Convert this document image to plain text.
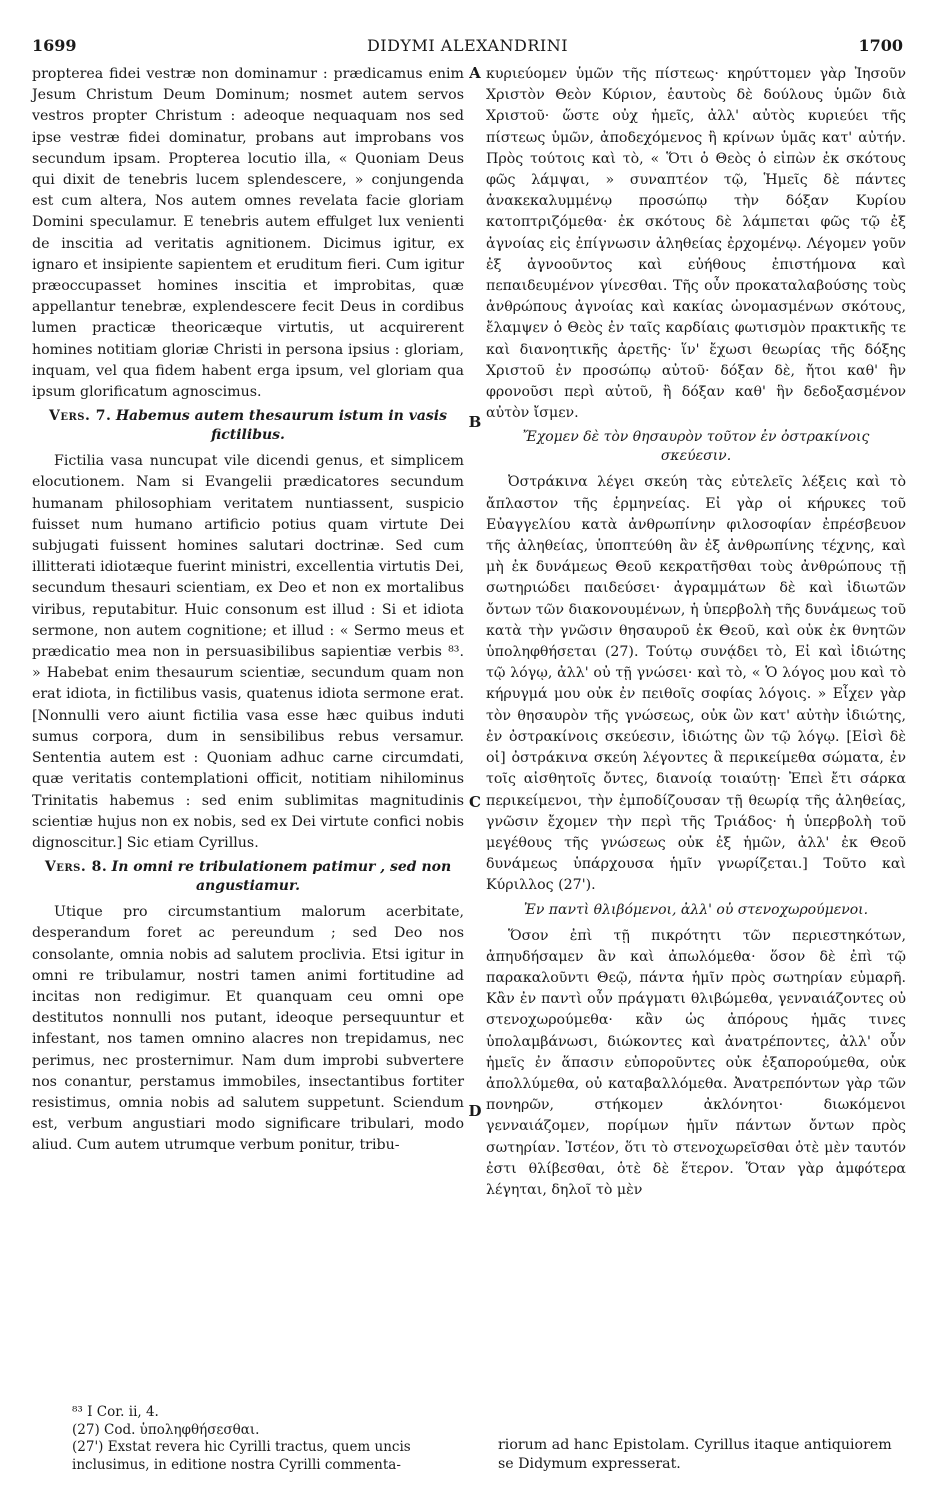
1699	DIDYMI ALEXANDRINI	1700
A
B
C
D

propterea fidei vestræ non dominamur : prædicamus enim Jesum Christum Deum Dominum; nosmet autem servos vestros propter Christum : adeoque nequaquam nos sed ipse vestræ fidei dominatur, probans aut improbans vos secundum ipsam. Propterea locutio illa, « Quoniam Deus qui dixit de tenebris lucem splendescere, » conjungenda est cum altera, Nos autem omnes revelata facie gloriam Domini speculamur. E tenebris autem effulget lux venienti de inscitia ad veritatis agnitionem. Dicimus igitur, ex ignaro et insipiente sapientem et eruditum fieri. Cum igitur præoccupasset homines inscitia et improbitas, quæ appellantur tenebræ, explendescere fecit Deus in cordibus lumen practicæ theoricæque virtutis, ut acquirerent homines notitiam gloriæ Christi in persona ipsius : gloriam, inquam, vel qua fidem habent erga ipsum, vel gloriam qua ipsum glorificatum agnoscimus.

Vers. 7. Habemus autem thesaurum istum in vasis fictilibus.

Fictilia vasa nuncupat vile dicendi genus, et simplicem elocutionem. Nam si Evangelii prædicatores secundum humanam philosophiam veritatem nuntiassent, suspicio fuisset num humano artificio potius quam virtute Dei subjugati fuissent homines salutari doctrinæ. Sed cum illitterati idiotæque fuerint ministri, excellentia virtutis Dei, secundum thesauri scientiam, ex Deo et non ex mortalibus viribus, reputabitur. Huic consonum est illud : Si et idiota sermone, non autem cognitione; et illud : « Sermo meus et prædicatio mea non in persuasibilibus sapientiæ verbis ⁸³. » Habebat enim thesaurum scientiæ, secundum quam non erat idiota, in fictilibus vasis, quatenus idiota sermone erat. [Nonnulli vero aiunt fictilia vasa esse hæc quibus induti sumus corpora, dum in sensibilibus rebus versamur. Sententia autem est : Quoniam adhuc carne circumdati, quæ veritatis contemplationi officit, notitiam nihilominus Trinitatis habemus : sed enim sublimitas magnitudinis scientiæ hujus non ex nobis, sed ex Dei virtute confici nobis dignoscitur.] Sic etiam Cyrillus.

Vers. 8. In omni re tribulationem patimur , sed non angustiamur.

Utique pro circumstantium malorum acerbitate, desperandum foret ac pereundum ; sed Deo nos consolante, omnia nobis ad salutem proclivia. Etsi igitur in omni re tribulamur, nostri tamen animi fortitudine ad incitas non redigimur. Et quanquam ceu omni ope destitutos nonnulli nos putant, ideoque persequuntur et infestant, nos tamen omnino alacres non trepidamus, nec perimus, nec prosternimur. Nam dum improbi subvertere nos conantur, perstamus immobiles, insectantibus fortiter resistimus, omnia nobis ad salutem suppetunt. Sciendum est, verbum angustiari modo significare tribulari, modo aliud. Cum autem utrumque verbum ponitur, tribu-

κυριεύομεν ὑμῶν τῆς πίστεως· κηρύττομεν γὰρ Ἰησοῦν Χριστὸν Θεὸν Κύριον, ἑαυτοὺς δὲ δούλους ὑμῶν διὰ Χριστοῦ· ὥστε οὐχ ἡμεῖς, ἀλλ' αὐτὸς κυριεύει τῆς πίστεως ὑμῶν, ἀποδεχόμενος ἢ κρίνων ὑμᾶς κατ' αὐτήν. Πρὸς τούτοις καὶ τὸ, « Ὅτι ὁ Θεὸς ὁ εἰπὼν ἐκ σκότους φῶς λάμψαι, » συναπτέον τῷ, Ἡμεῖς δὲ πάντες ἀνακεκαλυμμένῳ προσώπῳ τὴν δόξαν Κυρίου κατοπτριζόμεθα· ἐκ σκότους δὲ λάμπεται φῶς τῷ ἐξ ἀγνοίας εἰς ἐπίγνωσιν ἀληθείας ἐρχομένῳ. Λέγομεν γοῦν ἐξ ἀγνοοῦντος καὶ εὐήθους ἐπιστήμονα καὶ πεπαιδευμένον γίνεσθαι. Τῆς οὖν προκαταλαβούσης τοὺς ἀνθρώπους ἀγνοίας καὶ κακίας ὠνομασμένων σκότους, ἔλαμψεν ὁ Θεὸς ἐν ταῖς καρδίαις φωτισμὸν πρακτικῆς τε καὶ διανοητικῆς ἀρετῆς· ἵν' ἔχωσι θεωρίας τῆς δόξης Χριστοῦ ἐν προσώπῳ αὐτοῦ· δόξαν δὲ, ἤτοι καθ' ἣν φρονοῦσι περὶ αὐτοῦ, ἢ δόξαν καθ' ἣν δεδοξασμένον αὐτὸν ἴσμεν.

Ἔχομεν δὲ τὸν θησαυρὸν τοῦτον ἐν ὀστρακίνοις σκεύεσιν.

Ὀστράκινα λέγει σκεύη τὰς εὐτελεῖς λέξεις καὶ τὸ ἄπλαστον τῆς ἑρμηνείας. Εἰ γὰρ οἱ κήρυκες τοῦ Εὐαγγελίου κατὰ ἀνθρωπίνην φιλοσοφίαν ἐπρέσβευον τῆς ἀληθείας, ὑποπτεύθη ἂν ἐξ ἀνθρωπίνης τέχνης, καὶ μὴ ἐκ δυνάμεως Θεοῦ κεκρατῆσθαι τοὺς ἀνθρώπους τῇ σωτηριώδει παιδεύσει· ἀγραμμάτων δὲ καὶ ἰδιωτῶν ὄντων τῶν διακονουμένων, ἡ ὑπερβολὴ τῆς δυνάμεως τοῦ κατὰ τὴν γνῶσιν θησαυροῦ ἐκ Θεοῦ, καὶ οὐκ ἐκ θνητῶν ὑποληφθήσεται (27). Τούτῳ συνᾴδει τὸ, Εἰ καὶ ἰδιώτης τῷ λόγῳ, ἀλλ' οὐ τῇ γνώσει· καὶ τὸ, « Ὁ λόγος μου καὶ τὸ κήρυγμά μου οὐκ ἐν πειθοῖς σοφίας λόγοις. » Εἶχεν γὰρ τὸν θησαυρὸν τῆς γνώσεως, οὐκ ὢν κατ' αὐτὴν ἰδιώτης, ἐν ὀστρακίνοις σκεύεσιν, ἰδιώτης ὢν τῷ λόγῳ. [Εἰσὶ δὲ οἱ] ὀστράκινα σκεύη λέγοντες ἃ περικείμεθα σώματα, ἐν τοῖς αἰσθητοῖς ὄντες, διανοίᾳ τοιαύτῃ· Ἐπεὶ ἔτι σάρκα περικείμενοι, τὴν ἐμποδίζουσαν τῇ θεωρίᾳ τῆς ἀληθείας, γνῶσιν ἔχομεν τὴν περὶ τῆς Τριάδος· ἡ ὑπερβολὴ τοῦ μεγέθους τῆς γνώσεως οὐκ ἐξ ἡμῶν, ἀλλ' ἐκ Θεοῦ δυνάμεως ὑπάρχουσα ἡμῖν γνωρίζεται.] Τοῦτο καὶ Κύριλλος (27').

Ἐν παντὶ θλιβόμενοι, ἀλλ' οὐ στενοχωρούμενοι.

Ὅσον ἐπὶ τῇ πικρότητι τῶν περιεστηκότων, ἀπηυδήσαμεν ἂν καὶ ἀπωλόμεθα· ὅσον δὲ ἐπὶ τῷ παρακαλοῦντι Θεῷ, πάντα ἡμῖν πρὸς σωτηρίαν εὐμαρῆ. Κἂν ἐν παντὶ οὖν πράγματι θλιβώμεθα, γενναιάζοντες οὐ στενοχωρούμεθα· κἂν ὡς ἀπόρους ἡμᾶς τινες ὑπολαμβάνωσι, διώκοντες καὶ ἀνατρέποντες, ἀλλ' οὖν ἡμεῖς ἐν ἅπασιν εὐποροῦντες οὐκ ἐξαπορούμεθα, οὐκ ἀπολλύμεθα, οὐ καταβαλλόμεθα. Ἀνατρεπόντων γὰρ τῶν πονηρῶν, στήκομεν ἀκλόνητοι· διωκόμενοι γενναιάζομεν, πορίμων ἡμῖν πάντων ὄντων πρὸς σωτηρίαν. Ἰστέον, ὅτι τὸ στενοχωρεῖσθαι ὁτὲ μὲν ταυτόν ἐστι θλίβεσθαι, ὁτὲ δὲ ἕτερον. Ὅταν γὰρ ἀμφότερα λέγηται, δηλοῖ τὸ μὲν

⁸³ I Cor. ii, 4.
(27) Cod. ὑποληφθήσεσθαι.
(27') Exstat revera hic Cyrilli tractus, quem uncis inclusimus, in editione nostra Cyrilli commenta-
riorum ad hanc Epistolam. Cyrillus itaque antiquiorem se Didymum expresserat.
